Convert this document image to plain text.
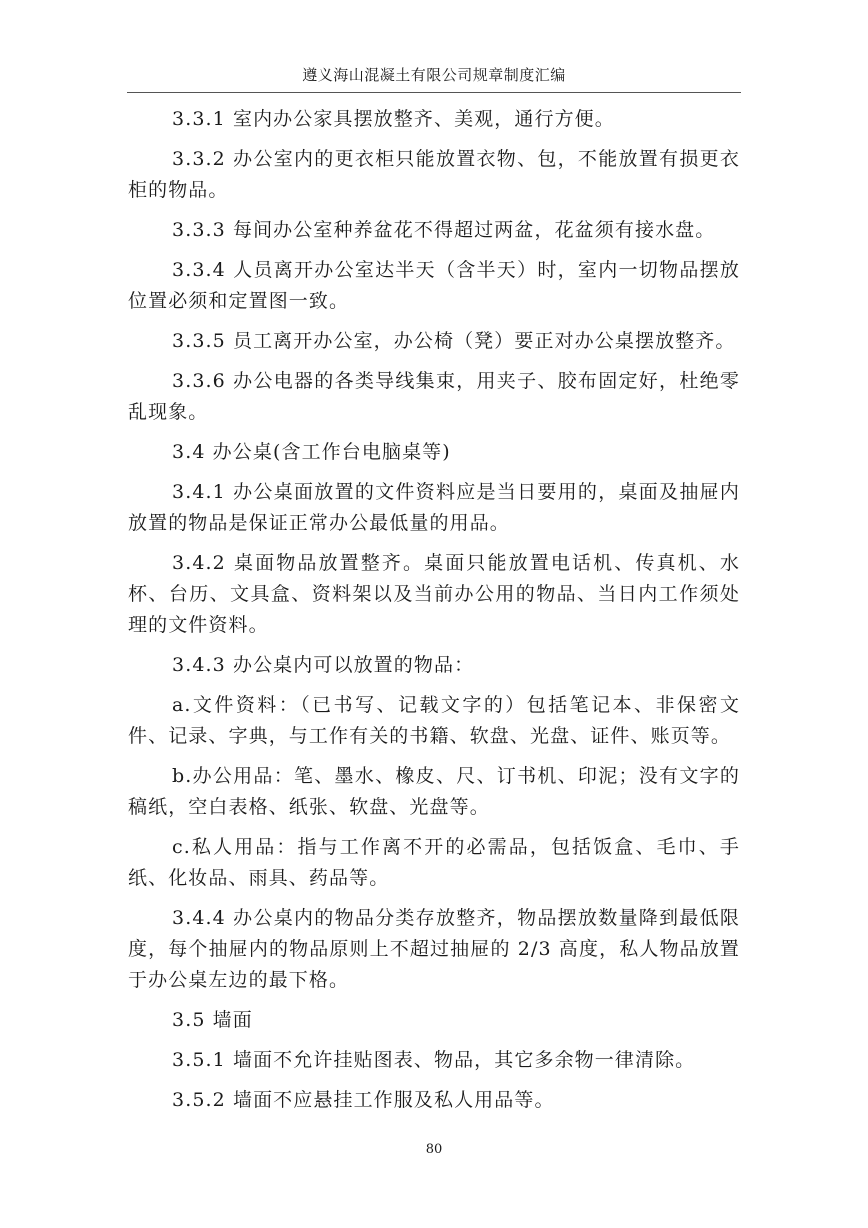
遵义海山混凝土有限公司规章制度汇编

3.3.1 室内办公家具摆放整齐、美观，通行方便。

3.3.2 办公室内的更衣柜只能放置衣物、包，不能放置有损更衣柜的物品。

3.3.3 每间办公室种养盆花不得超过两盆，花盆须有接水盘。

3.3.4 人员离开办公室达半天（含半天）时，室内一切物品摆放位置必须和定置图一致。

3.3.5 员工离开办公室，办公椅（凳）要正对办公桌摆放整齐。

3.3.6 办公电器的各类导线集束，用夹子、胶布固定好，杜绝零乱现象。

3.4 办公桌(含工作台电脑桌等)

3.4.1 办公桌面放置的文件资料应是当日要用的，桌面及抽屉内放置的物品是保证正常办公最低量的用品。

3.4.2 桌面物品放置整齐。桌面只能放置电话机、传真机、水杯、台历、文具盒、资料架以及当前办公用的物品、当日内工作须处理的文件资料。

3.4.3 办公桌内可以放置的物品：

a.文件资料：（已书写、记载文字的）包括笔记本、非保密文件、记录、字典，与工作有关的书籍、软盘、光盘、证件、账页等。

b.办公用品：笔、墨水、橡皮、尺、订书机、印泥；没有文字的稿纸，空白表格、纸张、软盘、光盘等。

c.私人用品：指与工作离不开的必需品，包括饭盒、毛巾、手纸、化妆品、雨具、药品等。

3.4.4 办公桌内的物品分类存放整齐，物品摆放数量降到最低限度，每个抽屉内的物品原则上不超过抽屉的 2/3 高度，私人物品放置于办公桌左边的最下格。

3.5 墙面

3.5.1 墙面不允许挂贴图表、物品，其它多余物一律清除。

3.5.2 墙面不应悬挂工作服及私人用品等。

80
